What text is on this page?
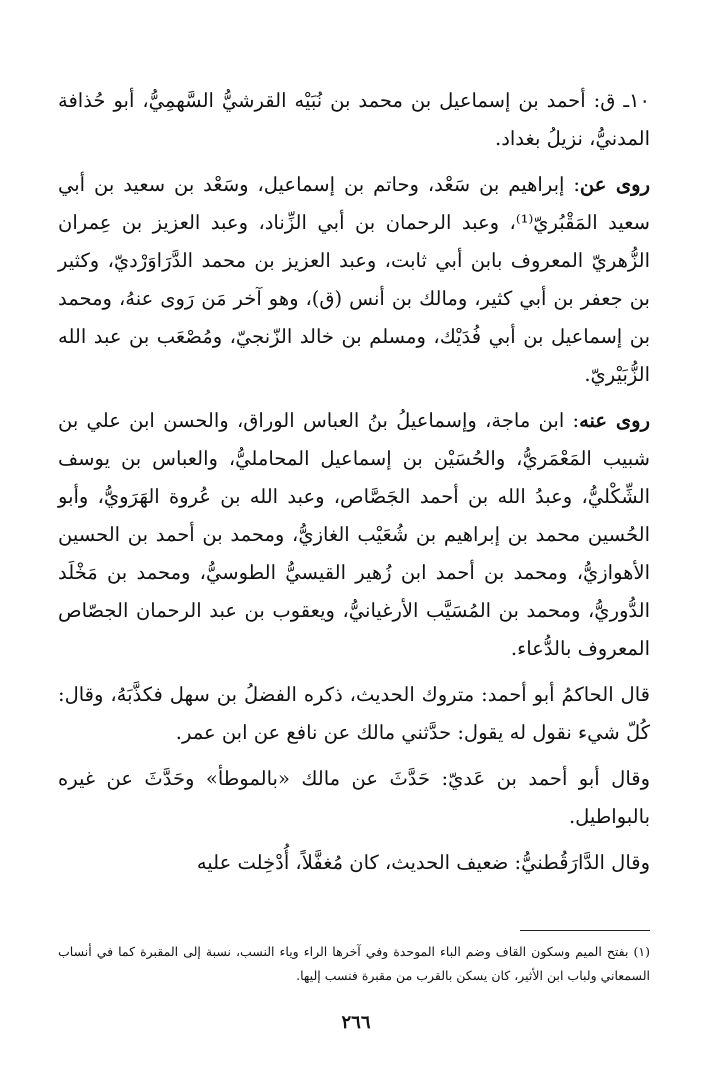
١٠ـ ق: أحمد بن إسماعيل بن محمد بن نُبَيْه القرشيُّ السَّهمِيُّ، أبو حُذافة المدنيُّ، نزيلُ بغداد.

روى عن: إبراهيم بن سَعْد، وحاتم بن إسماعيل، وسَعْد بن سعيد بن أبي سعيد المَقْبُريّ⁽¹⁾، وعبد الرحمان بن أبي الزِّناد، وعبد العزيز بن عِمران الزُّهريّ المعروف بابن أبي ثابت، وعبد العزيز بن محمد الدَّرَاوَرْديّ، وكثير بن جعفر بن أبي كثير، ومالك بن أنس (ق)، وهو آخر مَن رَوى عنهُ، ومحمد بن إسماعيل بن أبي فُدَيْك، ومسلم بن خالد الزّنجيّ، ومُصْعَب بن عبد الله الزُّبَيْريّ.

روى عنه: ابن ماجة، وإسماعيلُ بنُ العباس الوراق، والحسن ابن علي بن شبيب المَعْمَريُّ، والحُسَيْن بن إسماعيل المحامليُّ، والعباس بن يوسف الشِّكْليُّ، وعبدُ الله بن أحمد الجَصَّاص، وعبد الله بن عُروة الهَرَويُّ، وأبو الحُسين محمد بن إبراهيم بن شُعَيْب الغازيُّ، ومحمد بن أحمد بن الحسين الأهوازيُّ، ومحمد بن أحمد ابن زُهير القيسيُّ الطوسيُّ، ومحمد بن مَخْلَد الدُّوريُّ، ومحمد بن المُسَيَّب الأرغيانيُّ، ويعقوب بن عبد الرحمان الجصّاص المعروف بالدُّعاء.

قال الحاكمُ أبو أحمد: متروك الحديث، ذكره الفضلُ بن سهل فكذَّبَهُ، وقال: كُلّ شيء نقول له يقول: حدَّثني مالك عن نافع عن ابن عمر.

وقال أبو أحمد بن عَديّ: حَدَّثَ عن مالك «بالموطأ» وحَدَّثَ عن غيره بالبواطيل.

وقال الدَّارَقُطنيُّ: ضعيف الحديث، كان مُغفَّلاً، أُدْخِلت عليه

(١) بفتح الميم وسكون القاف وضم الباء الموحدة وفي آخرها الراء وياء النسب، نسبة إلى المقبرة كما في أنساب السمعاني ولباب ابن الأثير، كان يسكن بالقرب من مقبرة فنسب إليها.
٢٦٦
